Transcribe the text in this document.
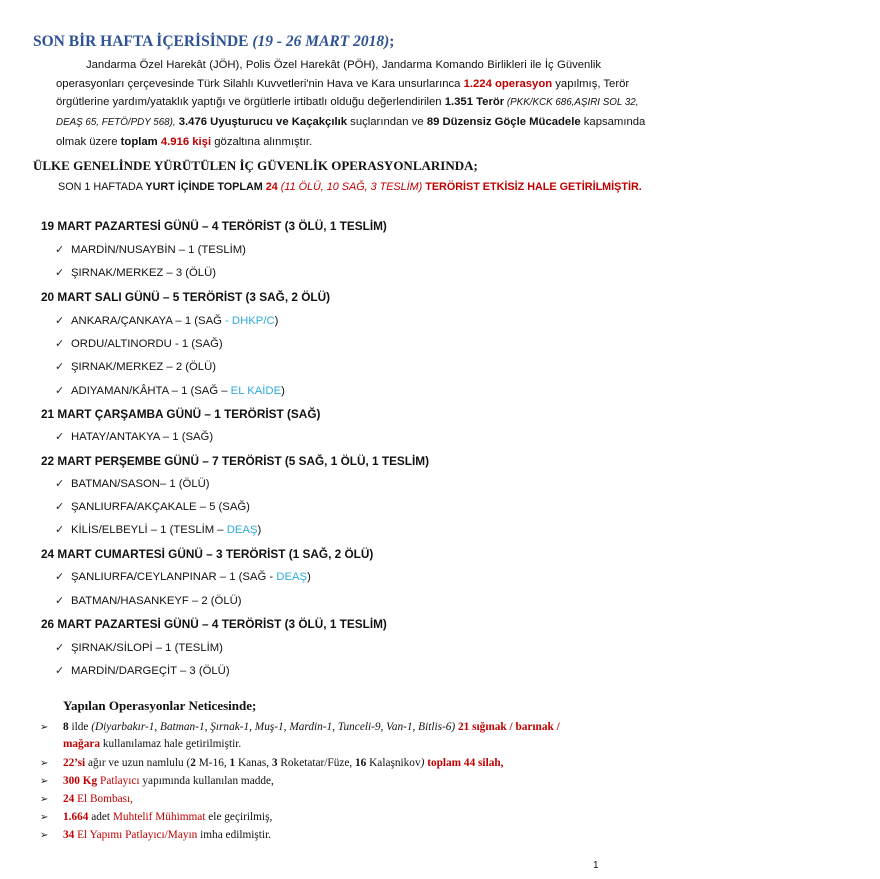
SON BİR HAFTA İÇERİSİNDE (19 - 26 MART 2018);
Jandarma Özel Harekât (JÖH), Polis Özel Harekât (PÖH), Jandarma Komando Birlikleri ile İç Güvenlik
operasyonları çerçevesinde Türk Silahlı Kuvvetleri'nin Hava ve Kara unsurlarınca 1.224 operasyon yapılmış, Terör
örgütlerine yardım/yataklık yaptığı ve örgütlerle irtibatlı olduğu değerlendirilen 1.351 Terör (PKK/KCK 686,AŞIRI SOL 32,
DEAŞ 65, FETÖ/PDY 568), 3.476 Uyuşturucu ve Kaçakçılık suçlarından ve 89 Düzensiz Göçle Mücadele kapsamında
olmak üzere toplam 4.916 kişi gözaltına alınmıştır.
ÜLKE GENELİNDE YÜRÜTÜLEN İÇ GÜVENLİK OPERASYONLARINDA;
SON 1 HAFTADA YURT İÇİNDE TOPLAM 24 (11 ÖLÜ, 10 SAĞ, 3 TESLİM) TERÖRİST ETKİSİZ HALE GETİRİLMİŞTİR.
19 MART PAZARTESİ GÜNÜ – 4 TERÖRİST (3 ÖLÜ, 1 TESLİM)
✓ MARDİN/NUSAYBİN – 1 (TESLİM)
✓ ŞIRNAK/MERKEZ – 3 (ÖLÜ)
20 MART SALI GÜNÜ – 5 TERÖRİST (3 SAĞ, 2 ÖLÜ)
✓ ANKARA/ÇANKAYA – 1 (SAĞ - DHKP/C)
✓ ORDU/ALTINORDU - 1 (SAĞ)
✓ ŞIRNAK/MERKEZ – 2 (ÖLÜ)
✓ ADIYAMAN/KÂHTA – 1 (SAĞ – EL KAİDE)
21 MART ÇARŞAMBA GÜNÜ – 1 TERÖRİST (SAĞ)
✓ HATAY/ANTAKYA – 1 (SAĞ)
22 MART PERŞEMBE GÜNÜ – 7 TERÖRİST (5 SAĞ, 1 ÖLÜ, 1 TESLİM)
✓ BATMAN/SASON– 1 (ÖLÜ)
✓ ŞANLIURFA/AKÇAKALE – 5 (SAĞ)
✓ KİLİS/ELBEYLİ – 1 (TESLİM – DEAŞ)
24 MART CUMARTESİ GÜNÜ – 3 TERÖRİST (1 SAĞ, 2 ÖLÜ)
✓ ŞANLIURFA/CEYLANPINAR – 1 (SAĞ - DEAŞ)
✓ BATMAN/HASANKEYF – 2 (ÖLÜ)
26 MART PAZARTESİ GÜNÜ – 4 TERÖRİST (3 ÖLÜ, 1 TESLİM)
✓ ŞIRNAK/SİLOPİ – 1 (TESLİM)
✓ MARDİN/DARGEÇİT – 3 (ÖLÜ)
Yapılan Operasyonlar Neticesinde;
➢ 8 ilde (Diyarbakır-1, Batman-1, Şırnak-1, Muş-1, Mardin-1, Tunceli-9, Van-1, Bitlis-6) 21 sığınak / barınak /
mağara kullanılamaz hale getirilmiştir.
➢ 22’si ağır ve uzun namlulu (2 M-16, 1 Kanas, 3 Roketatar/Füze, 16 Kalaşnikov) toplam 44 silah,
➢ 300 Kg Patlayıcı yapımında kullanılan madde,
➢ 24 El Bombası,
➢ 1.664 adet Muhtelif Mühimmat ele geçirilmiş,
➢ 34 El Yapımı Patlayıcı/Mayın imha edilmiştir.
1
